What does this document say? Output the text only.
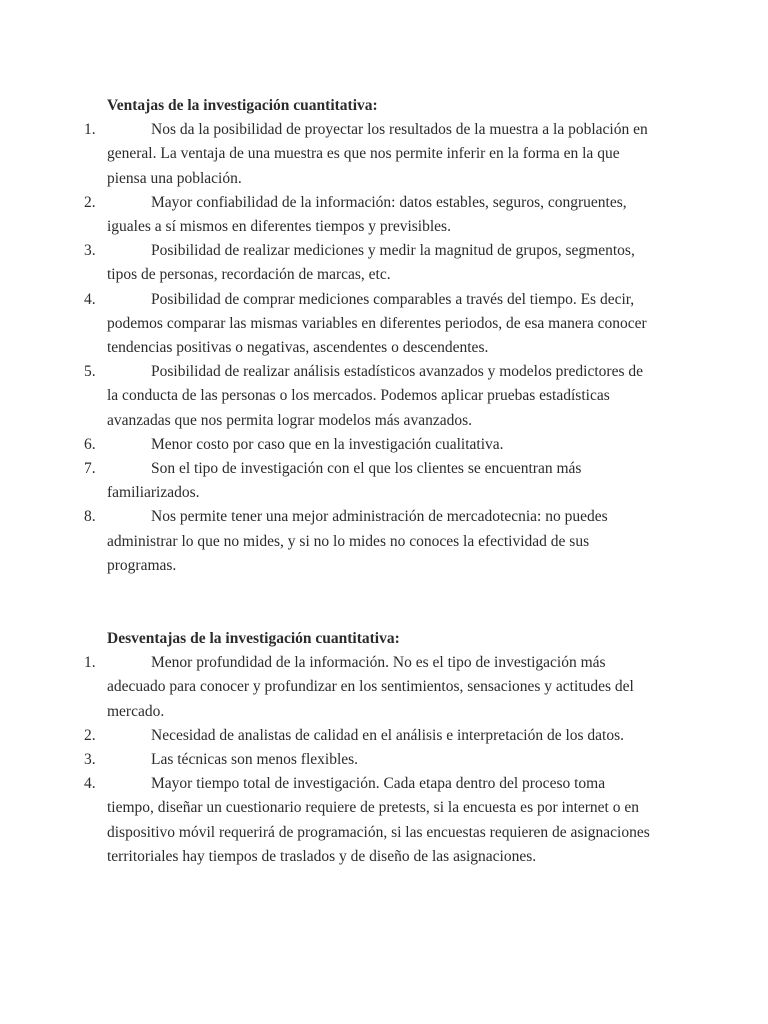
Ventajas de la investigación cuantitativa:
1.	Nos da la posibilidad de proyectar los resultados de la muestra a la población en general. La ventaja de una muestra es que nos permite inferir en la forma en la que piensa una población.
2.	Mayor confiabilidad de la información: datos estables, seguros, congruentes, iguales a sí mismos en diferentes tiempos y previsibles.
3.	Posibilidad de realizar mediciones y medir la magnitud de grupos, segmentos, tipos de personas, recordación de marcas, etc.
4.	Posibilidad de comprar mediciones comparables a través del tiempo. Es decir, podemos comparar las mismas variables en diferentes periodos, de esa manera conocer tendencias positivas o negativas, ascendentes o descendentes.
5.	Posibilidad de realizar análisis estadísticos avanzados y modelos predictores de la conducta de las personas o los mercados. Podemos aplicar pruebas estadísticas avanzadas que nos permita lograr modelos más avanzados.
6.	Menor costo por caso que en la investigación cualitativa.
7.	Son el tipo de investigación con el que los clientes se encuentran más familiarizados.
8.	Nos permite tener una mejor administración de mercadotecnia: no puedes administrar lo que no mides, y si no lo mides no conoces la efectividad de sus programas.
Desventajas de la investigación cuantitativa:
1.	Menor profundidad de la información. No es el tipo de investigación más adecuado para conocer y profundizar en los sentimientos, sensaciones y actitudes del mercado.
2.	Necesidad de analistas de calidad en el análisis e interpretación de los datos.
3.	Las técnicas son menos flexibles.
4.	Mayor tiempo total de investigación. Cada etapa dentro del proceso toma tiempo, diseñar un cuestionario requiere de pretests, si la encuesta es por internet o en dispositivo móvil requerirá de programación, si las encuestas requieren de asignaciones territoriales hay tiempos de traslados y de diseño de las asignaciones.
